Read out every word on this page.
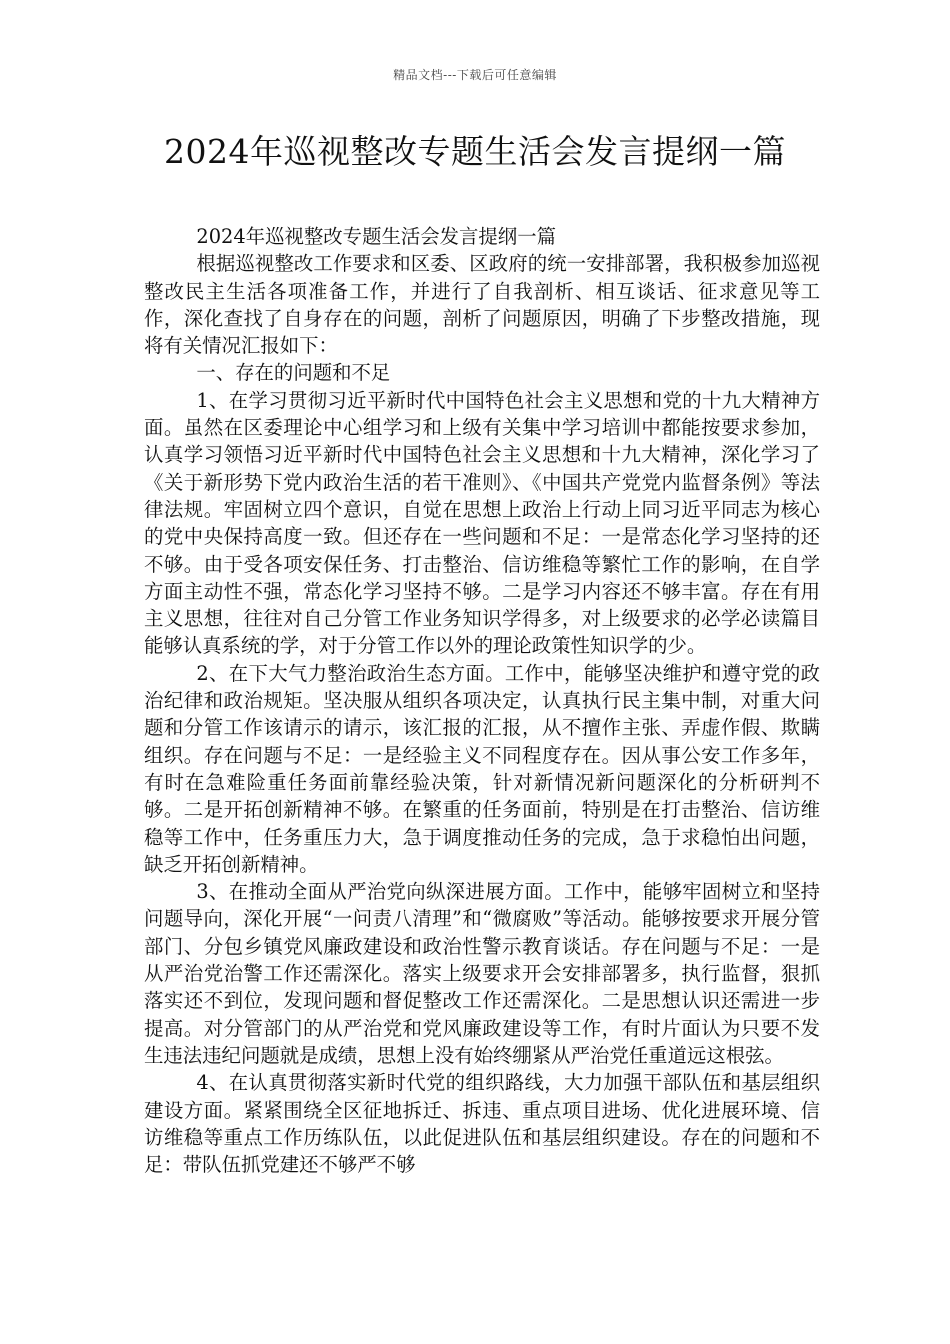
精品文档---下载后可任意编辑
2024年巡视整改专题生活会发言提纲一篇

2024年巡视整改专题生活会发言提纲一篇

根据巡视整改工作要求和区委、区政府的统一安排部署，我积极参加巡视整改民主生活各项准备工作，并进行了自我剖析、相互谈话、征求意见等工作，深化查找了自身存在的问题，剖析了问题原因，明确了下步整改措施，现将有关情况汇报如下：

一、存在的问题和不足

1、在学习贯彻习近平新时代中国特色社会主义思想和党的十九大精神方面。虽然在区委理论中心组学习和上级有关集中学习培训中都能按要求参加，认真学习领悟习近平新时代中国特色社会主义思想和十九大精神，深化学习了《关于新形势下党内政治生活的若干准则》、《中国共产党党内监督条例》等法律法规。牢固树立四个意识，自觉在思想上政治上行动上同习近平同志为核心的党中央保持高度一致。但还存在一些问题和不足：一是常态化学习坚持的还不够。由于受各项安保任务、打击整治、信访维稳等繁忙工作的影响，在自学方面主动性不强，常态化学习坚持不够。二是学习内容还不够丰富。存在有用主义思想，往往对自己分管工作业务知识学得多，对上级要求的必学必读篇目能够认真系统的学，对于分管工作以外的理论政策性知识学的少。

2、在下大气力整治政治生态方面。工作中，能够坚决维护和遵守党的政治纪律和政治规矩。坚决服从组织各项决定，认真执行民主集中制，对重大问题和分管工作该请示的请示，该汇报的汇报，从不擅作主张、弄虚作假、欺瞒组织。存在问题与不足：一是经验主义不同程度存在。因从事公安工作多年，有时在急难险重任务面前靠经验决策，针对新情况新问题深化的分析研判不够。二是开拓创新精神不够。在繁重的任务面前，特别是在打击整治、信访维稳等工作中，任务重压力大，急于调度推动任务的完成，急于求稳怕出问题，缺乏开拓创新精神。

3、在推动全面从严治党向纵深进展方面。工作中，能够牢固树立和坚持问题导向，深化开展“一问责八清理”和“微腐败”等活动。能够按要求开展分管部门、分包乡镇党风廉政建设和政治性警示教育谈话。存在问题与不足：一是从严治党治警工作还需深化。落实上级要求开会安排部署多，执行监督，狠抓落实还不到位，发现问题和督促整改工作还需深化。二是思想认识还需进一步提高。对分管部门的从严治党和党风廉政建设等工作，有时片面认为只要不发生违法违纪问题就是成绩，思想上没有始终绷紧从严治党任重道远这根弦。

4、在认真贯彻落实新时代党的组织路线，大力加强干部队伍和基层组织建设方面。紧紧围绕全区征地拆迁、拆违、重点项目进场、优化进展环境、信访维稳等重点工作历练队伍，以此促进队伍和基层组织建设。存在的问题和不足：带队伍抓党建还不够严不够
